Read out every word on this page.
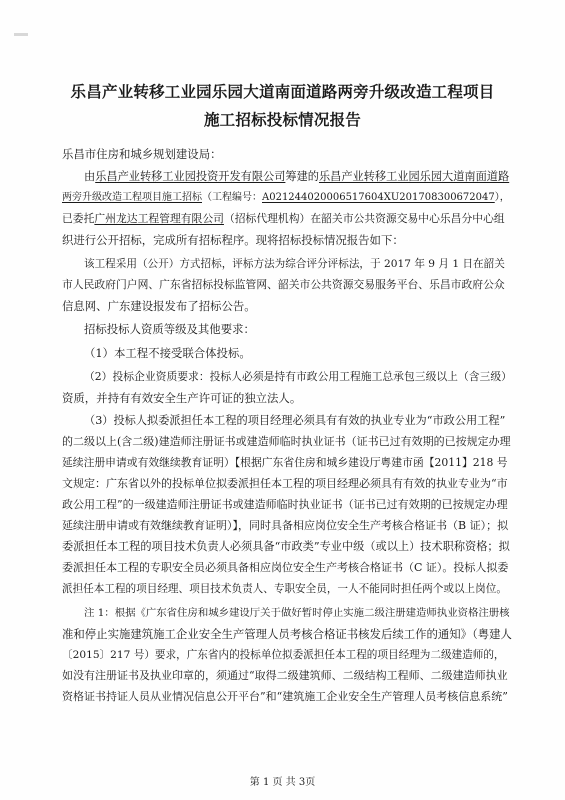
乐昌产业转移工业园乐园大道南面道路两旁升级改造工程项目
施工招标投标情况报告
乐昌市住房和城乡规划建设局：
由乐昌产业转移工业园投资开发有限公司筹建的乐昌产业转移工业园乐园大道南面道路
两旁升级改造工程项目施工招标（工程编号：A021244020006517604XU201708300672047），
已委托广州龙达工程管理有限公司（招标代理机构）在韶关市公共资源交易中心乐昌分中心组
织进行公开招标，完成所有招标程序。现将招标投标情况报告如下：
该工程采用（公开）方式招标，评标方法为综合评分评标法，于 2017 年 9 月 1 日在韶关
市人民政府门户网、广东省招标投标监管网、韶关市公共资源交易服务平台、乐昌市政府公众
信息网、广东建设报发布了招标公告。
招标投标人资质等级及其他要求：
（1）本工程不接受联合体投标。
（2）投标企业资质要求：投标人必须是持有市政公用工程施工总承包三级以上（含三级）
资质，并持有有效安全生产许可证的独立法人。
（3）投标人拟委派担任本工程的项目经理必须具有有效的执业专业为“市政公用工程”
的二级以上(含二级)建造师注册证书或建造师临时执业证书（证书已过有效期的已按规定办理
延续注册申请或有效继续教育证明）【根据广东省住房和城乡建设厅粤建市函【2011】218 号
文规定：广东省以外的投标单位拟委派担任本工程的项目经理必须具有有效的执业专业为“市
政公用工程”的一级建造师注册证书或建造师临时执业证书（证书已过有效期的已按规定办理
延续注册申请或有效继续教育证明）】，同时具备相应岗位安全生产考核合格证书（B 证）；拟
委派担任本工程的项目技术负责人必须具备“市政类”专业中级（或以上）技术职称资格；拟
委派担任本工程的专职安全员必须具备相应岗位安全生产考核合格证书（C 证）。投标人拟委
派担任本工程的项目经理、项目技术负责人、专职安全员，一人不能同时担任两个或以上岗位。
注 1：根据《广东省住房和城乡建设厅关于做好暂时停止实施二级注册建造师执业资格注册核
准和停止实施建筑施工企业安全生产管理人员考核合格证书核发后续工作的通知》（粤建人
〔2015〕217 号）要求，广东省内的投标单位拟委派担任本工程的项目经理为二级建造师的，
如没有注册证书及执业印章的，须通过“取得二级建筑师、二级结构工程师、二级建造师执业
资格证书持证人员从业情况信息公开平台”和“建筑施工企业安全生产管理人员考核信息系统”
第 1 页 共 3页
